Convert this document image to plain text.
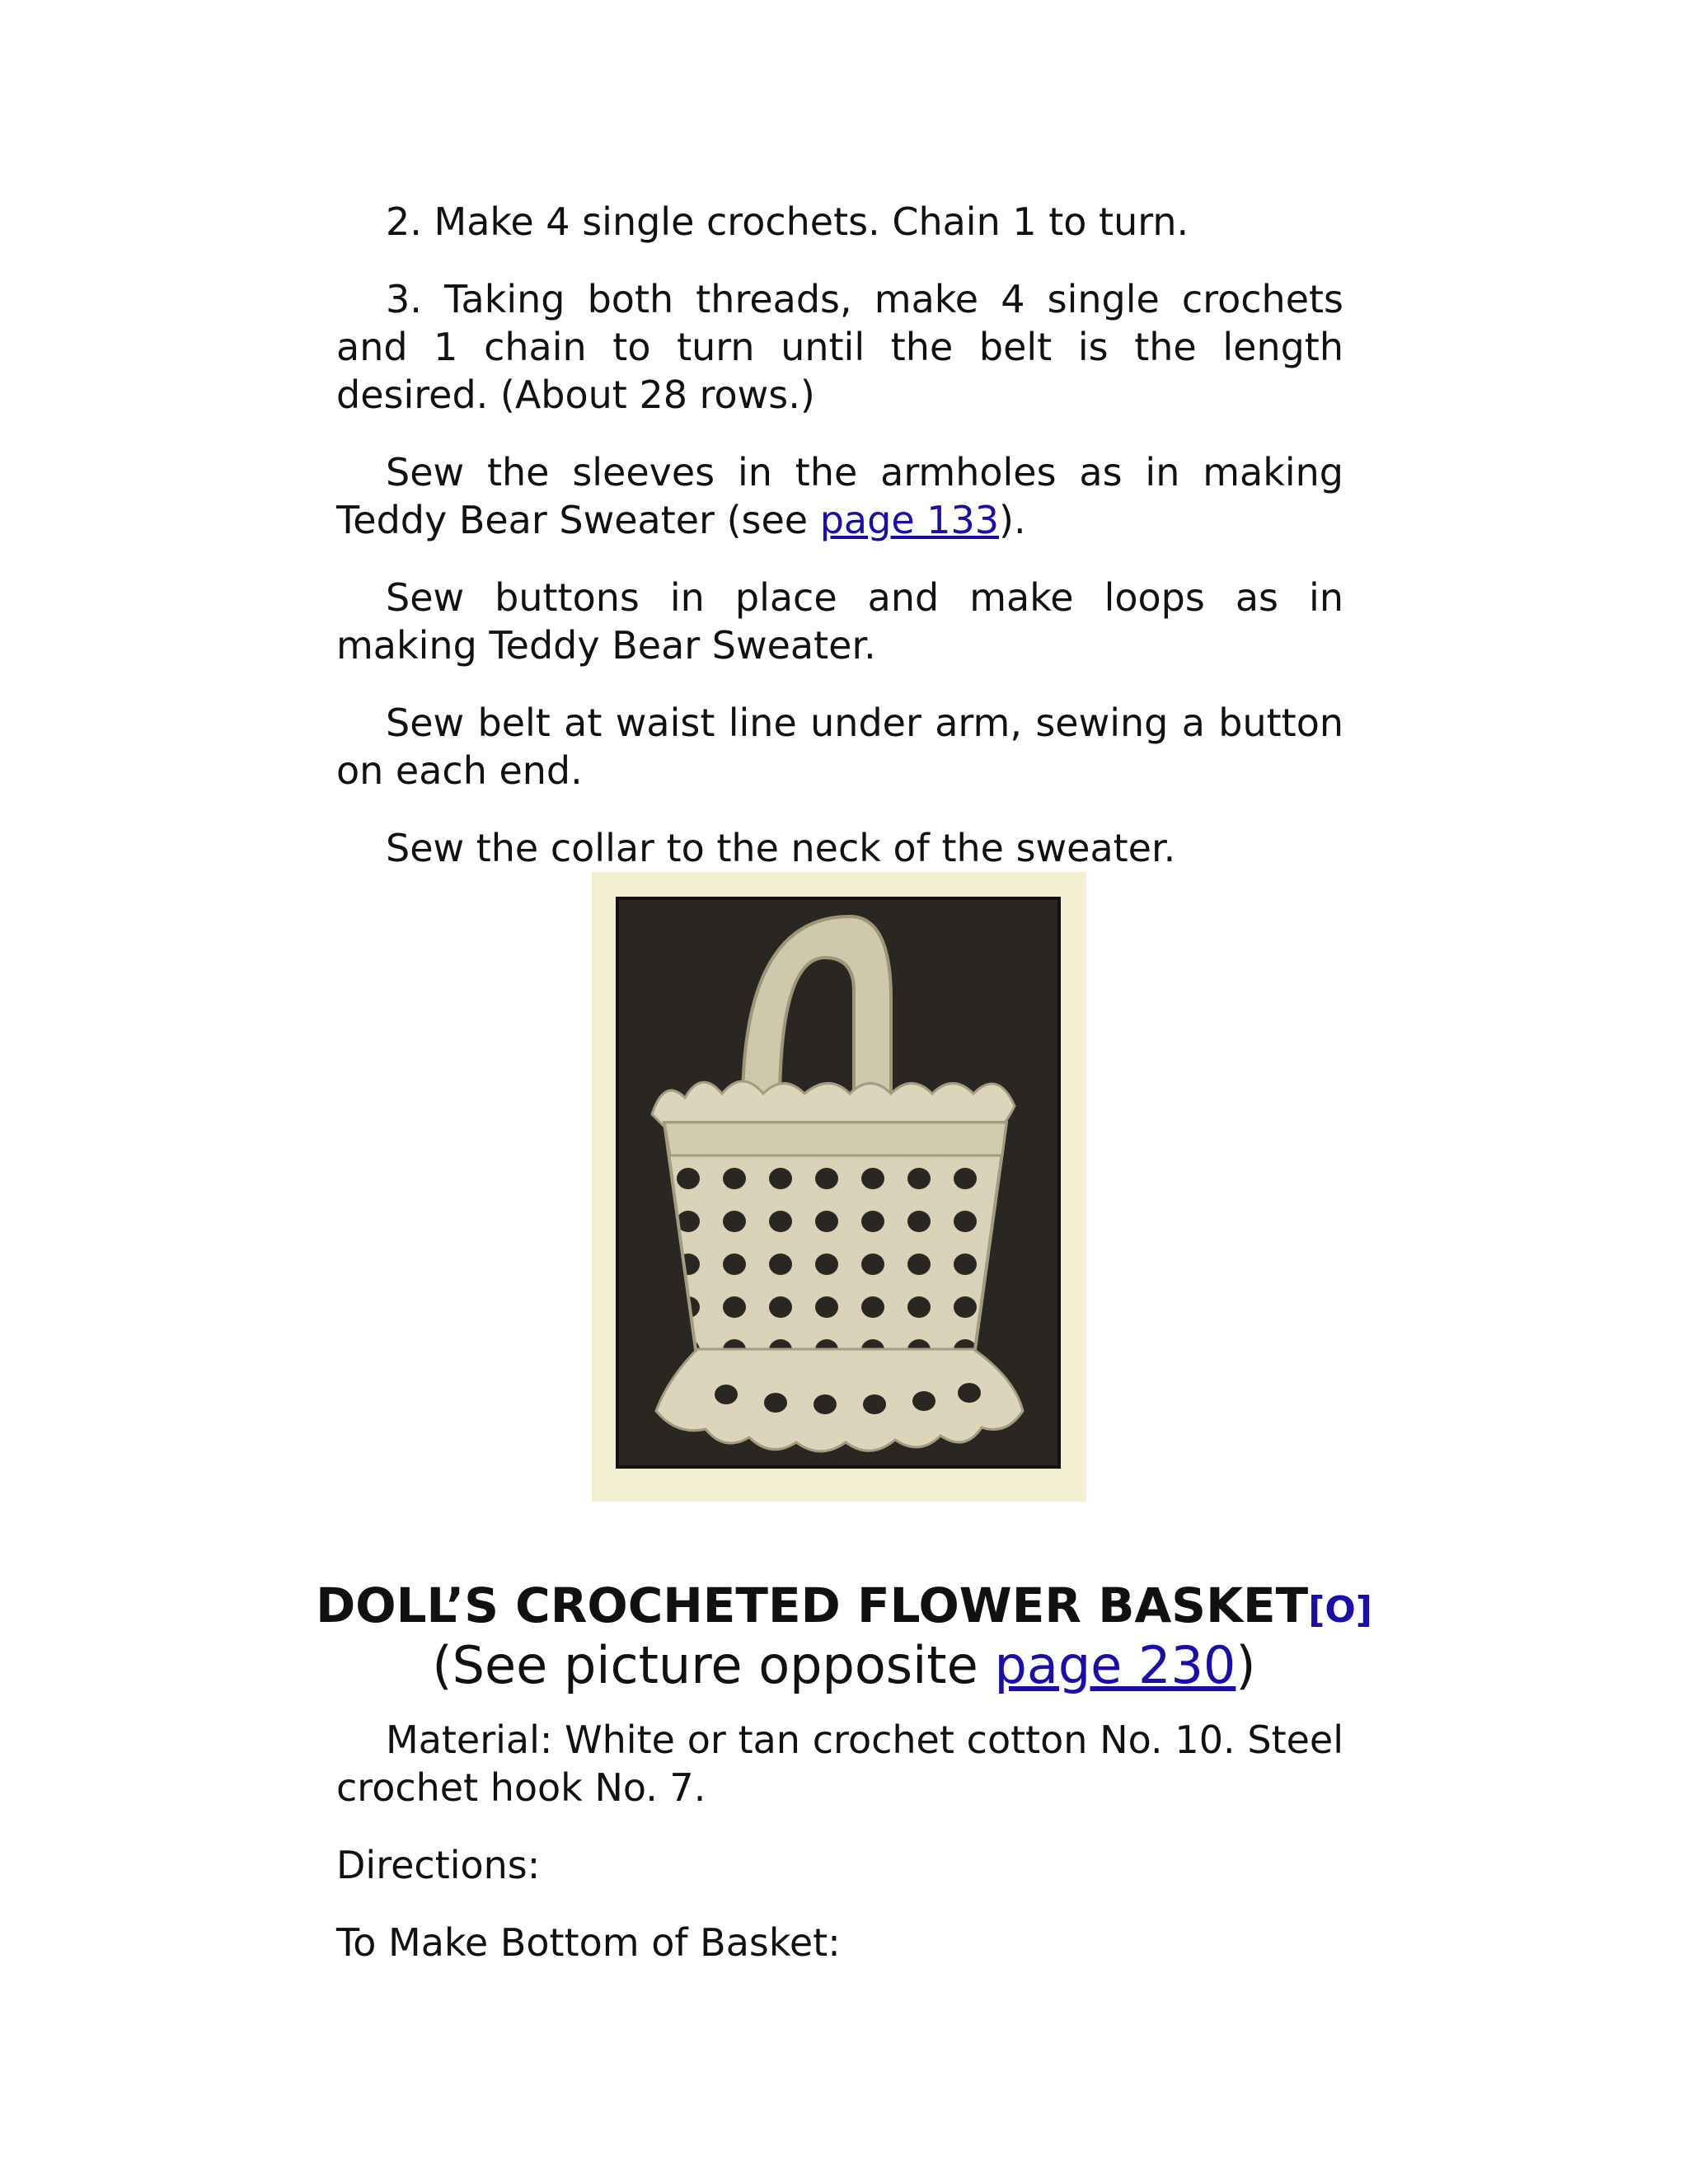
2. Make 4 single crochets. Chain 1 to turn.

3. Taking both threads, make 4 single crochets and 1 chain to turn until the belt is the length desired. (About 28 rows.)

Sew the sleeves in the armholes as in making Teddy Bear Sweater (see page 133).

Sew buttons in place and make loops as in making Teddy Bear Sweater.

Sew belt at waist line under arm, sewing a button on each end.

Sew the collar to the neck of the sweater.

DOLL’S CROCHETED FLOWER BASKET[O]

(See picture opposite page 230)

Material: White or tan crochet cotton No. 10. Steel crochet hook No. 7.

Directions:

To Make Bottom of Basket:
